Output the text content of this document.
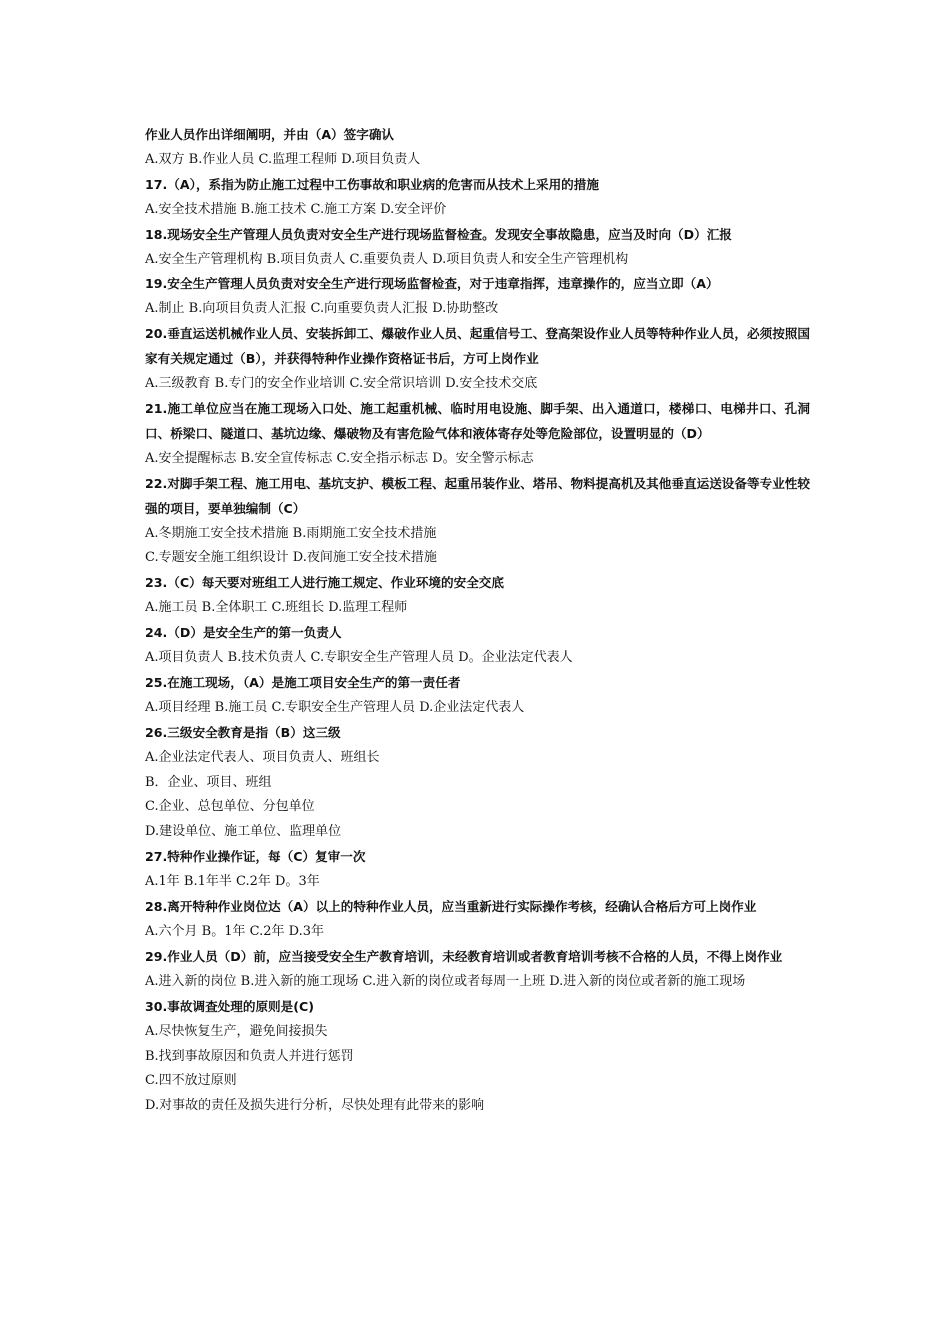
作业人员作出详细阐明，并由（A）签字确认
A.双方 B.作业人员 C.监理工程师 D.项目负责人
17.（A），系指为防止施工过程中工伤事故和职业病的危害而从技术上采用的措施
A.安全技术措施 B.施工技术 C.施工方案 D.安全评价
18.现场安全生产管理人员负责对安全生产进行现场监督检查。发现安全事故隐患，应当及时向（D）汇报
A.安全生产管理机构 B.项目负责人 C.重要负责人 D.项目负责人和安全生产管理机构
19.安全生产管理人员负责对安全生产进行现场监督检查，对于违章指挥，违章操作的，应当立即（A）
A.制止 B.向项目负责人汇报 C.向重要负责人汇报 D.协助整改
20.垂直运送机械作业人员、安装拆卸工、爆破作业人员、起重信号工、登高架设作业人员等特种作业人员，必须按照国家有关规定通过（B），并获得特种作业操作资格证书后，方可上岗作业
A.三级教育 B.专门的安全作业培训 C.安全常识培训 D.安全技术交底
21.施工单位应当在施工现场入口处、施工起重机械、临时用电设施、脚手架、出入通道口，楼梯口、电梯井口、孔洞口、桥梁口、隧道口、基坑边缘、爆破物及有害危险气体和液体寄存处等危险部位，设置明显的（D）
A.安全提醒标志 B.安全宣传标志 C.安全指示标志 D。安全警示标志
22.对脚手架工程、施工用电、基坑支护、模板工程、起重吊装作业、塔吊、物料提高机及其他垂直运送设备等专业性较强的项目，要单独编制（C）
A.冬期施工安全技术措施 B.雨期施工安全技术措施
C.专题安全施工组织设计 D.夜间施工安全技术措施
23.（C）每天要对班组工人进行施工规定、作业环境的安全交底
A.施工员 B.全体职工 C.班组长 D.监理工程师
24.（D）是安全生产的第一负责人
A.项目负责人 B.技术负责人 C.专职安全生产管理人员 D。企业法定代表人
25.在施工现场，（A）是施工项目安全生产的第一责任者
A.项目经理 B.施工员 C.专职安全生产管理人员 D.企业法定代表人
26.三级安全教育是指（B）这三级
A.企业法定代表人、项目负责人、班组长
B．企业、项目、班组
C.企业、总包单位、分包单位
D.建设单位、施工单位、监理单位
27.特种作业操作证，每（C）复审一次
A.1年 B.1年半 C.2年 D。3年
28.离开特种作业岗位达（A）以上的特种作业人员，应当重新进行实际操作考核，经确认合格后方可上岗作业
A.六个月 B。1年 C.2年 D.3年
29.作业人员（D）前，应当接受安全生产教育培训，未经教育培训或者教育培训考核不合格的人员，不得上岗作业
A.进入新的岗位 B.进入新的施工现场 C.进入新的岗位或者每周一上班 D.进入新的岗位或者新的施工现场
30.事故调查处理的原则是(C)
A.尽快恢复生产，避免间接损失
B.找到事故原因和负责人并进行惩罚
C.四不放过原则
D.对事故的责任及损失进行分析，尽快处理有此带来的影响
